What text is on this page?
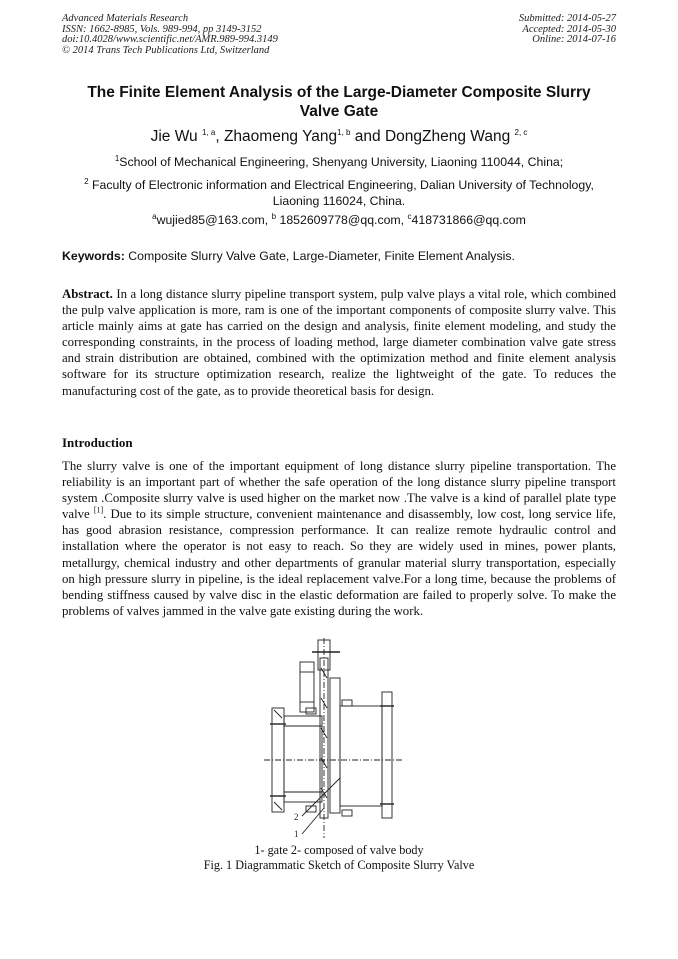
Advanced Materials Research
ISSN: 1662-8985, Vols. 989-994, pp 3149-3152
doi:10.4028/www.scientific.net/AMR.989-994.3149
© 2014 Trans Tech Publications Ltd, Switzerland
Submitted: 2014-05-27
Accepted: 2014-05-30
Online: 2014-07-16
The Finite Element Analysis of the Large-Diameter Composite Slurry
Valve Gate
Jie Wu $^{1, a}$, Zhaomeng Yang$^{1, b}$ and DongZheng Wang $^{2, c}$
$^1$School of Mechanical Engineering, Shenyang University, Liaoning 110044, China;
$^2$ Faculty of Electronic information and Electrical Engineering, Dalian University of Technology,
Liaoning 116024, China.
$^a$wujied85@163.com, $^b$ 1852609778@qq.com, $^c$418731866@qq.com
Keywords: Composite Slurry Valve Gate, Large-Diameter, Finite Element Analysis.
Abstract. In a long distance slurry pipeline transport system, pulp valve plays a vital role, which combined the pulp valve application is more, ram is one of the important components of composite slurry valve. This article mainly aims at gate has carried on the design and analysis, finite element modeling, and study the corresponding constraints, in the process of loading method, large diameter combination valve gate stress and strain distribution are obtained, combined with the optimization method and finite element analysis software for its structure optimization research, realize the lightweight of the gate. To reduces the manufacturing cost of the gate, as to provide theoretical basis for design.
Introduction
The slurry valve is one of the important equipment of long distance slurry pipeline transportation. The reliability is an important part of whether the safe operation of the long distance slurry pipeline transport system .Composite slurry valve is used higher on the market now .The valve is a kind of parallel plate type valve [1]. Due to its simple structure, convenient maintenance and disassembly, low cost, long service life, has good abrasion resistance, compression performance. It can realize remote hydraulic control and installation where the operator is not easy to reach. So they are widely used in mines, power plants, metallurgy, chemical industry and other departments of granular material slurry transportation, especially on high pressure slurry in pipeline, is the ideal replacement valve.For a long time, because the problems of bending stiffness caused by valve disc in the elastic deformation are failed to properly solve. To make the problems of valves jammed in the valve gate existing during the work.
2
1
1- gate 2- composed of valve body
Fig. 1 Diagrammatic Sketch of Composite Slurry Valve
